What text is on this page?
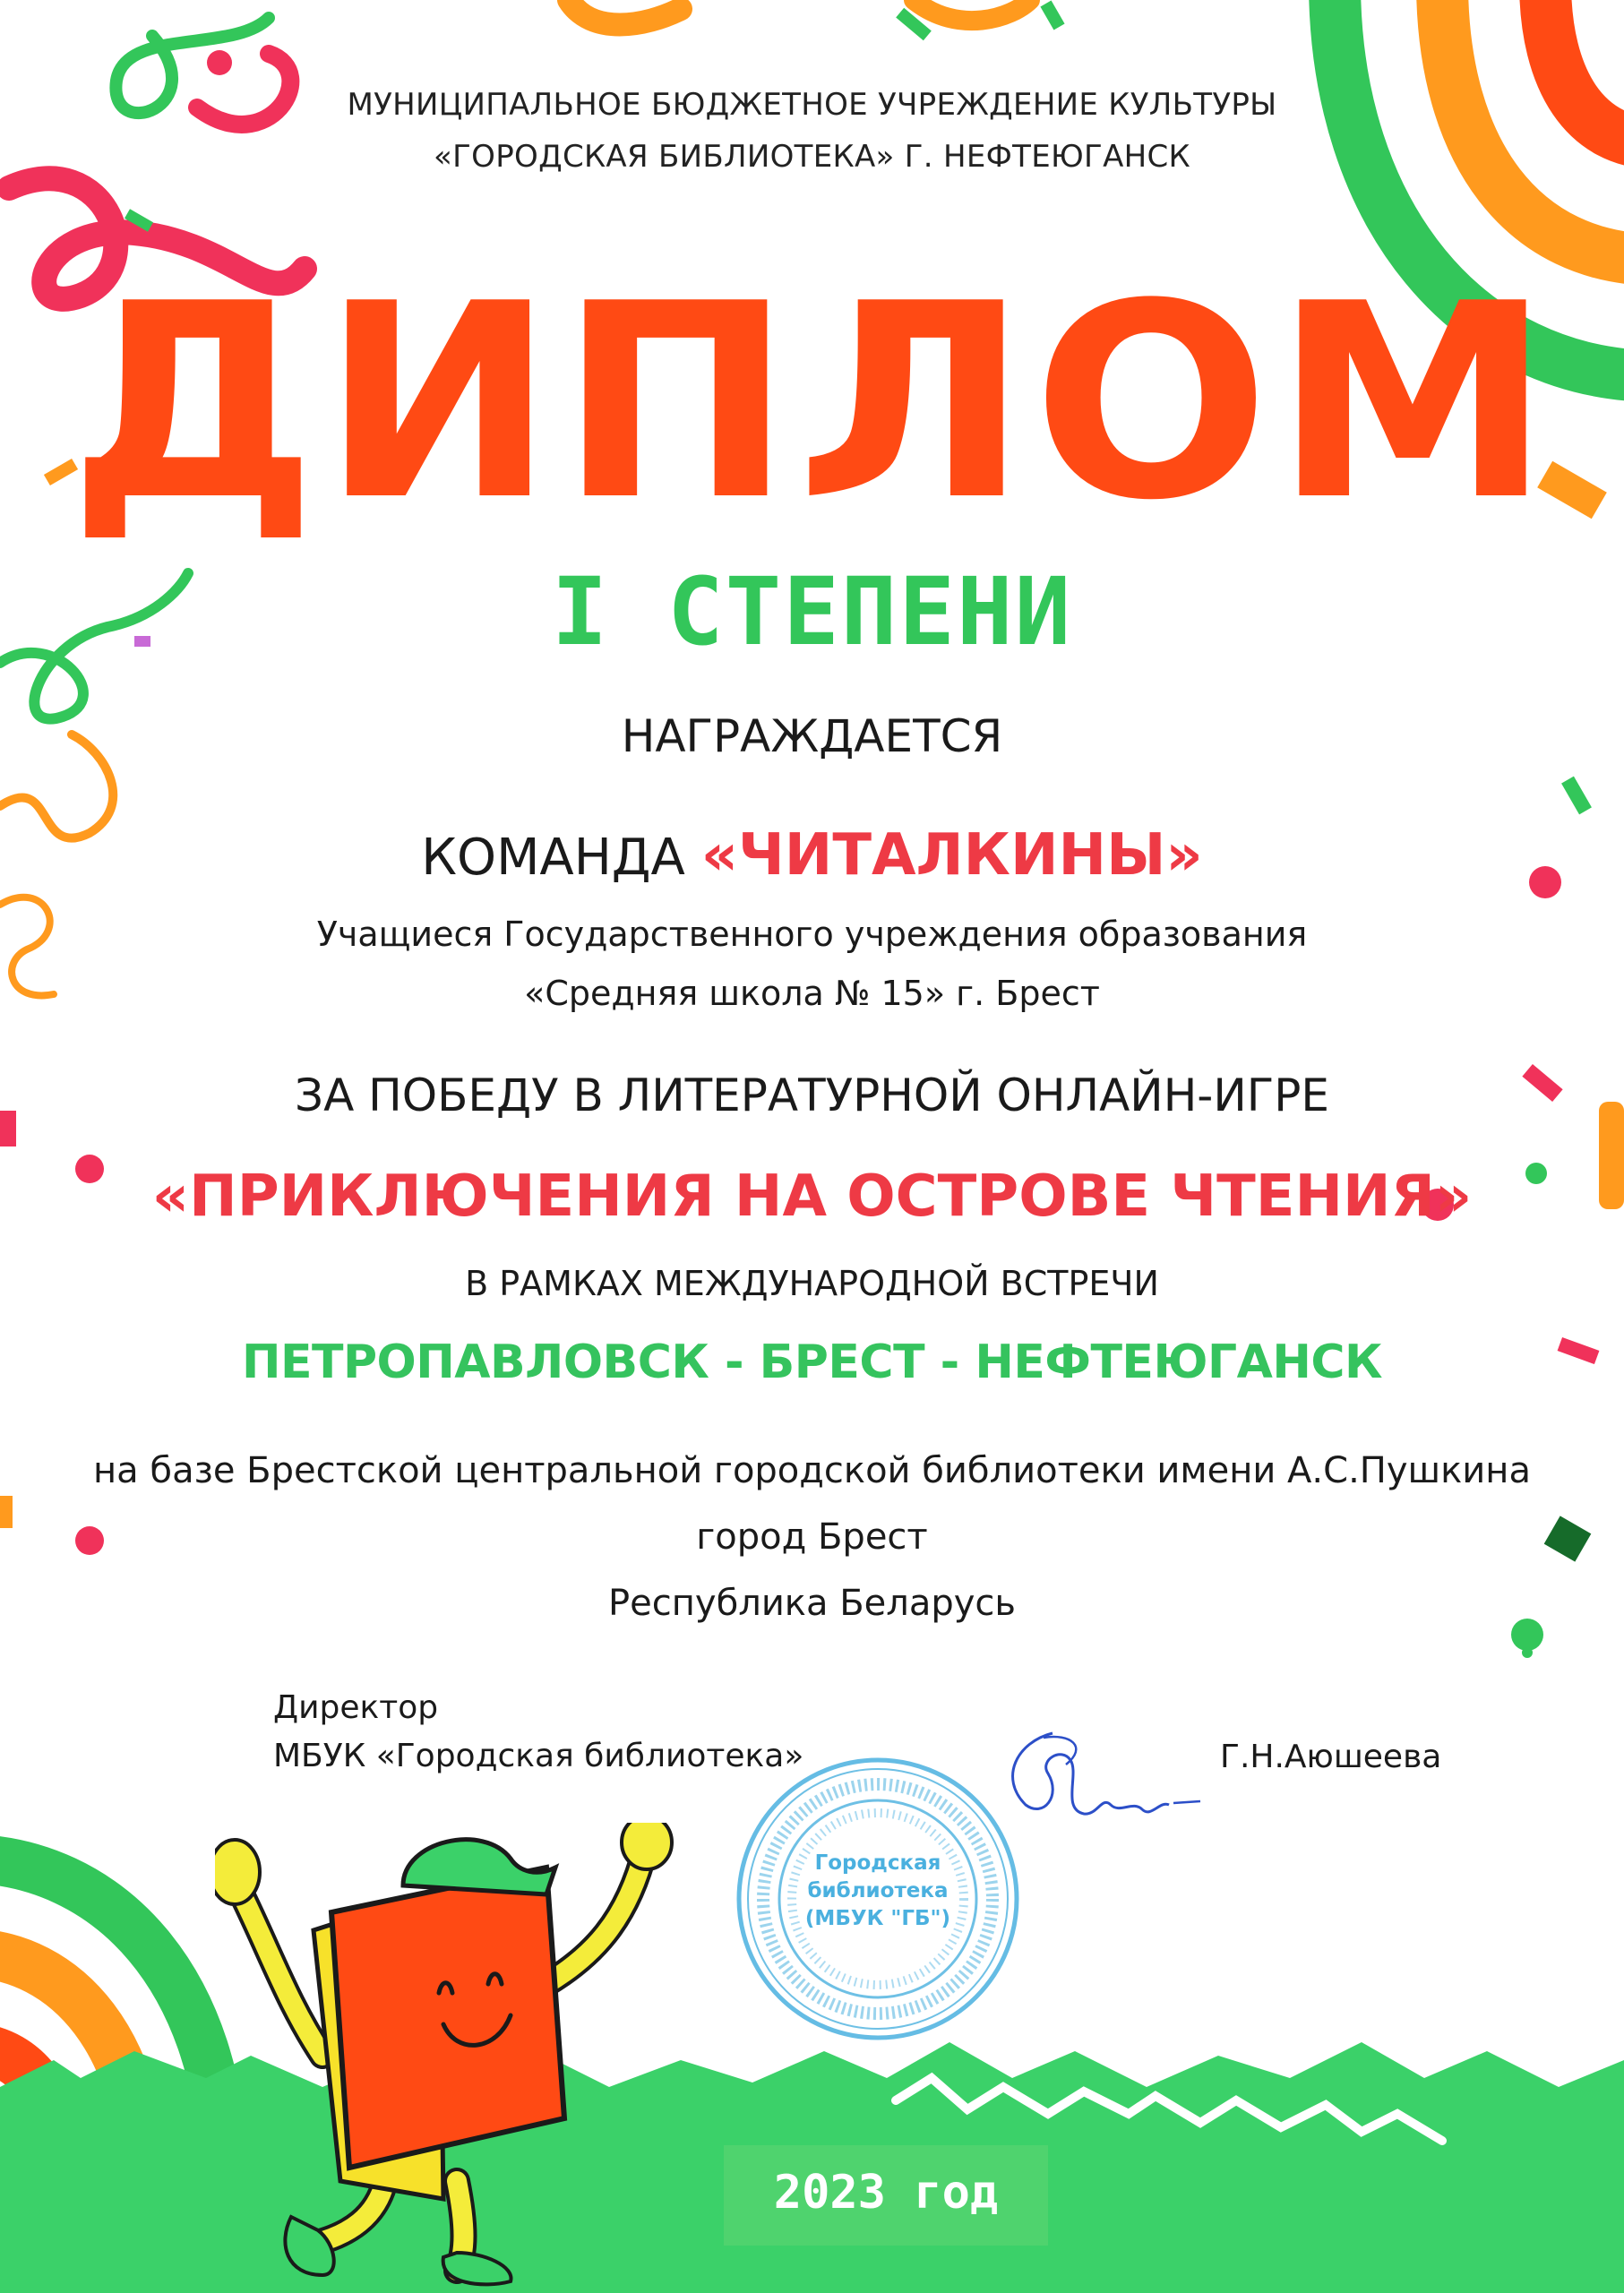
МУНИЦИПАЛЬНОЕ БЮДЖЕТНОЕ УЧРЕЖДЕНИЕ КУЛЬТУРЫ
«ГОРОДСКАЯ БИБЛИОТЕКА» Г. НЕФТЕЮГАНСК
ДИПЛОМ
I СТЕПЕНИ
НАГРАЖДАЕТСЯ
КОМАНДА «ЧИТАЛКИНЫ»
Учащиеся Государственного учреждения образования
«Средняя школа № 15» г. Брест
ЗА ПОБЕДУ В ЛИТЕРАТУРНОЙ ОНЛАЙН-ИГРЕ
«ПРИКЛЮЧЕНИЯ НА ОСТРОВЕ ЧТЕНИЯ»
В РАМКАХ МЕЖДУНАРОДНОЙ ВСТРЕЧИ
ПЕТРОПАВЛОВСК - БРЕСТ - НЕФТЕЮГАНСК
на базе Брестской центральной городской библиотеки имени А.С.Пушкина
город Брест
Республика Беларусь
Директор
МБУК «Городская библиотека»
Городская
библиотека
(МБУК "ГБ")
Г.Н.Аюшеева
2023 год
